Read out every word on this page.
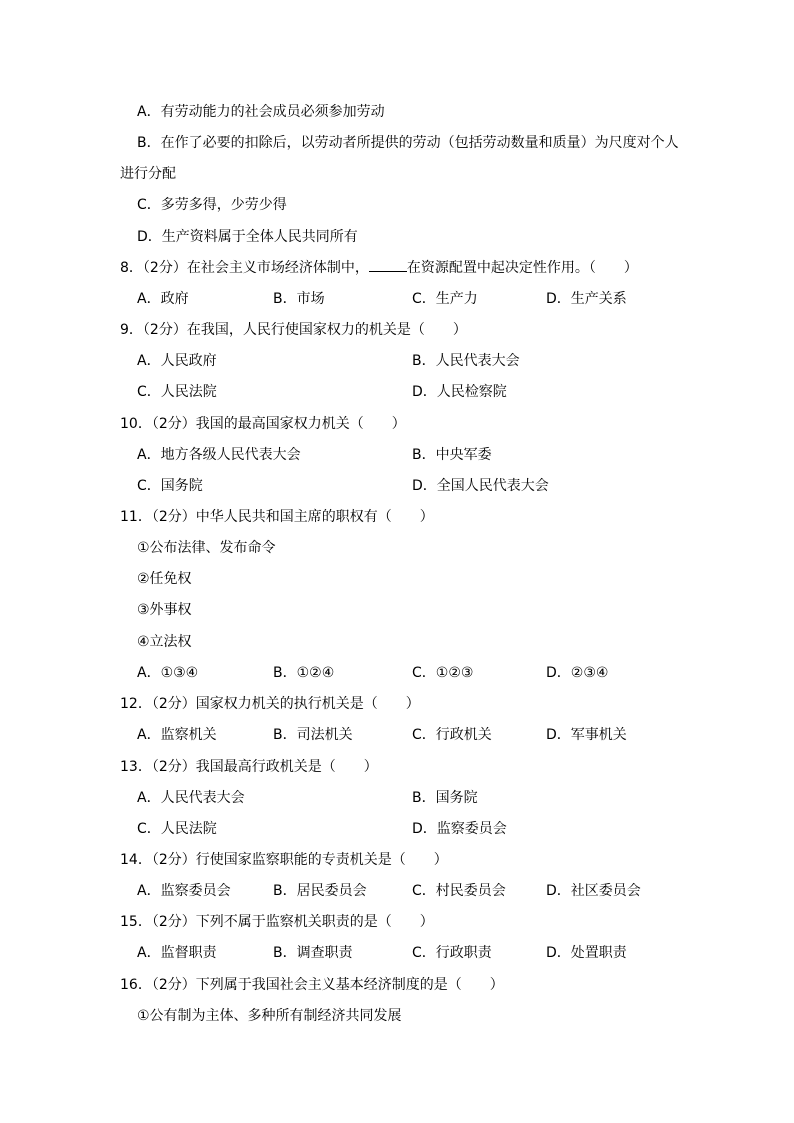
A．有劳动能力的社会成员必须参加劳动
B．在作了必要的扣除后，以劳动者所提供的劳动（包括劳动数量和质量）为尺度对个人
进行分配
C．多劳多得，少劳少得
D．生产资料属于全体人民共同所有
8．（2分）在社会主义市场经济体制中，	在资源配置中起决定性作用。（　　）
A．政府	B．市场	C．生产力	D．生产关系
9．（2分）在我国，人民行使国家权力的机关是（　　）
A．人民政府	B．人民代表大会
C．人民法院	D．人民检察院
10．（2分）我国的最高国家权力机关（　　）
A．地方各级人民代表大会	B．中央军委
C．国务院	D．全国人民代表大会
11．（2分）中华人民共和国主席的职权有（　　）
①公布法律、发布命令
②任免权
③外事权
④立法权
A．①③④	B．①②④	C．①②③	D．②③④
12．（2分）国家权力机关的执行机关是（　　）
A．监察机关	B．司法机关	C．行政机关	D．军事机关
13．（2分）我国最高行政机关是（　　）
A．人民代表大会	B．国务院
C．人民法院	D．监察委员会
14．（2分）行使国家监察职能的专责机关是（　　）
A．监察委员会	B．居民委员会	C．村民委员会	D．社区委员会
15．（2分）下列不属于监察机关职责的是（　　）
A．监督职责	B．调查职责	C．行政职责	D．处置职责
16．（2分）下列属于我国社会主义基本经济制度的是（　　）
①公有制为主体、多种所有制经济共同发展
